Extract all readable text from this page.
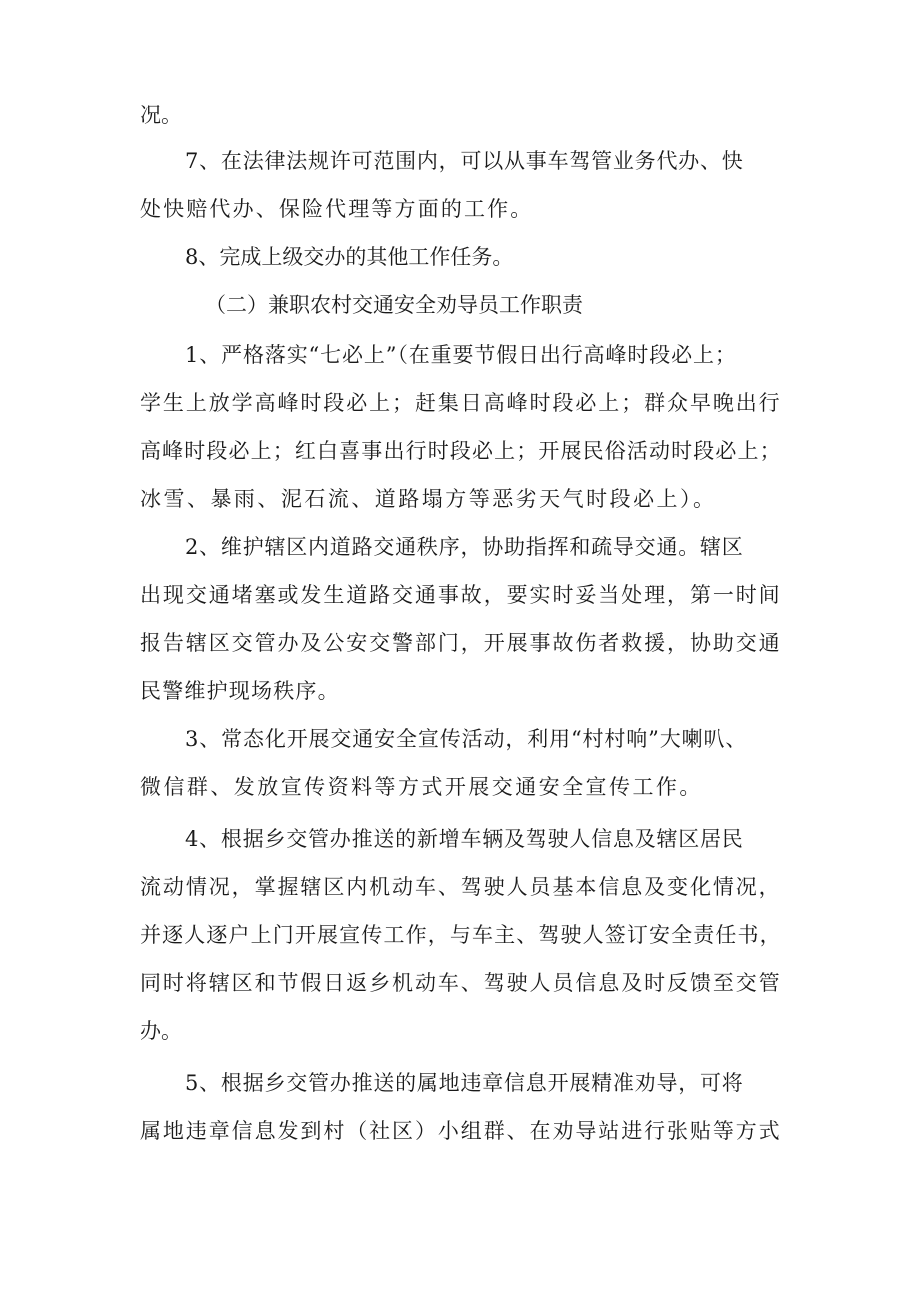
况。
7、在法律法规许可范围内，可以从事车驾管业务代办、快
处快赔代办、保险代理等方面的工作。
8、完成上级交办的其他工作任务。
（二）兼职农村交通安全劝导员工作职责
1、严格落实“七必上”（在重要节假日出行高峰时段必上；
学生上放学高峰时段必上；赶集日高峰时段必上；群众早晚出行
高峰时段必上；红白喜事出行时段必上；开展民俗活动时段必上；
冰雪、暴雨、泥石流、道路塌方等恶劣天气时段必上）。
2、维护辖区内道路交通秩序，协助指挥和疏导交通。辖区
出现交通堵塞或发生道路交通事故，要实时妥当处理，第一时间
报告辖区交管办及公安交警部门，开展事故伤者救援，协助交通
民警维护现场秩序。
3、常态化开展交通安全宣传活动，利用“村村响”大喇叭、
微信群、发放宣传资料等方式开展交通安全宣传工作。
4、根据乡交管办推送的新增车辆及驾驶人信息及辖区居民
流动情况，掌握辖区内机动车、驾驶人员基本信息及变化情况，
并逐人逐户上门开展宣传工作，与车主、驾驶人签订安全责任书，
同时将辖区和节假日返乡机动车、驾驶人员信息及时反馈至交管
办。
5、根据乡交管办推送的属地违章信息开展精准劝导，可将
属地违章信息发到村（社区）小组群、在劝导站进行张贴等方式
